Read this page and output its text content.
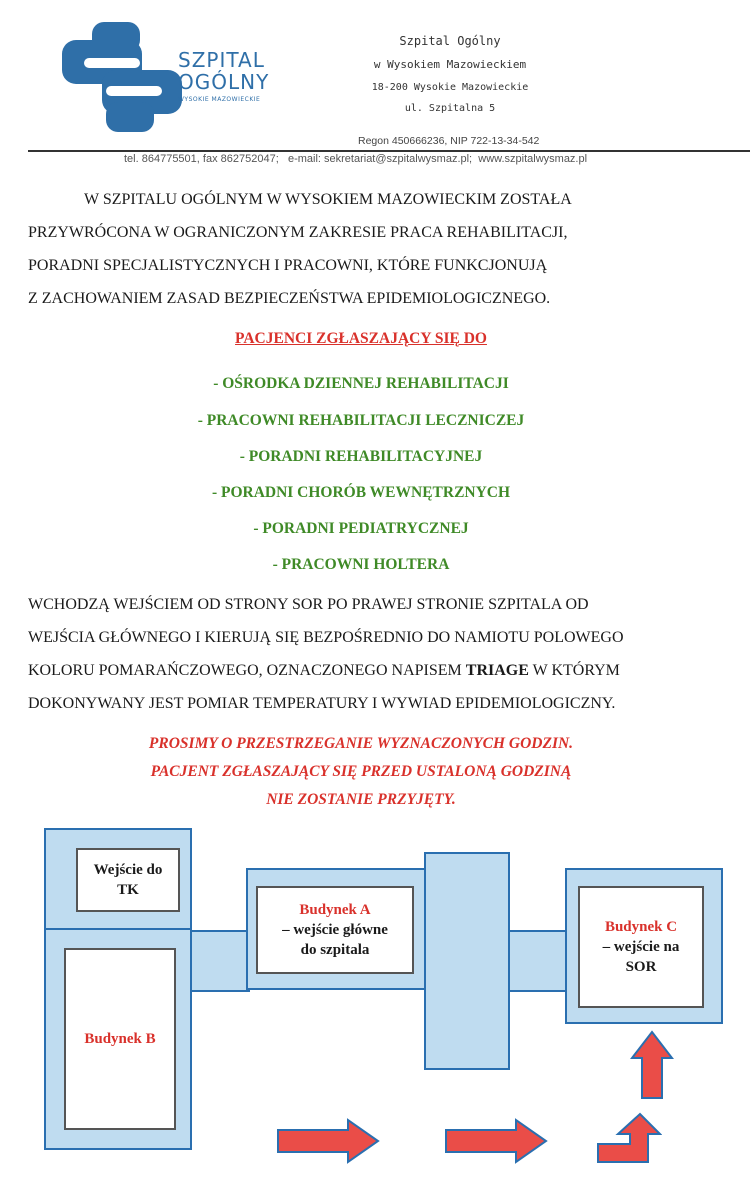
SZPITAL
OGÓLNY
WYSOKIE MAZOWIECKIE
Szpital Ogólny
w Wysokiem Mazowieckiem
18-200 Wysokie Mazowieckie
ul. Szpitalna 5
Regon 450666236, NIP 722-13-34-542
tel. 864775501, fax 862752047; e-mail: sekretariat@szpitalwysmaz.pl; www.szpitalwysmaz.pl
W SZPITALU OGÓLNYM W WYSOKIEM MAZOWIECKIM ZOSTAŁA
PRZYWRÓCONA W OGRANICZONYM ZAKRESIE PRACA REHABILITACJI,
PORADNI SPECJALISTYCZNYCH I PRACOWNI, KTÓRE FUNKCJONUJĄ
Z ZACHOWANIEM ZASAD BEZPIECZEŃSTWA EPIDEMIOLOGICZNEGO.
PACJENCI ZGŁASZAJĄCY SIĘ DO
- OŚRODKA DZIENNEJ REHABILITACJI
- PRACOWNI REHABILITACJI LECZNICZEJ
- PORADNI REHABILITACYJNEJ
- PORADNI CHORÓB WEWNĘTRZNYCH
- PORADNI PEDIATRYCZNEJ
- PRACOWNI HOLTERA
WCHODZĄ WEJŚCIEM OD STRONY SOR PO PRAWEJ STRONIE SZPITALA OD
WEJŚCIA GŁÓWNEGO I KIERUJĄ SIĘ BEZPOŚREDNIO DO NAMIOTU POLOWEGO
KOLORU POMARAŃCZOWEGO, OZNACZONEGO NAPISEM TRIAGE W KTÓRYM
DOKONYWANY JEST POMIAR TEMPERATURY I WYWIAD EPIDEMIOLOGICZNY.
PROSIMY O PRZESTRZEGANIE WYZNACZONYCH GODZIN.
PACJENT ZGŁASZAJĄCY SIĘ PRZED USTALONĄ GODZINĄ
NIE ZOSTANIE PRZYJĘTY.
Wejście do
TK
Budynek B
Budynek A
– wejście główne
do szpitala
Budynek C
– wejście na
SOR
